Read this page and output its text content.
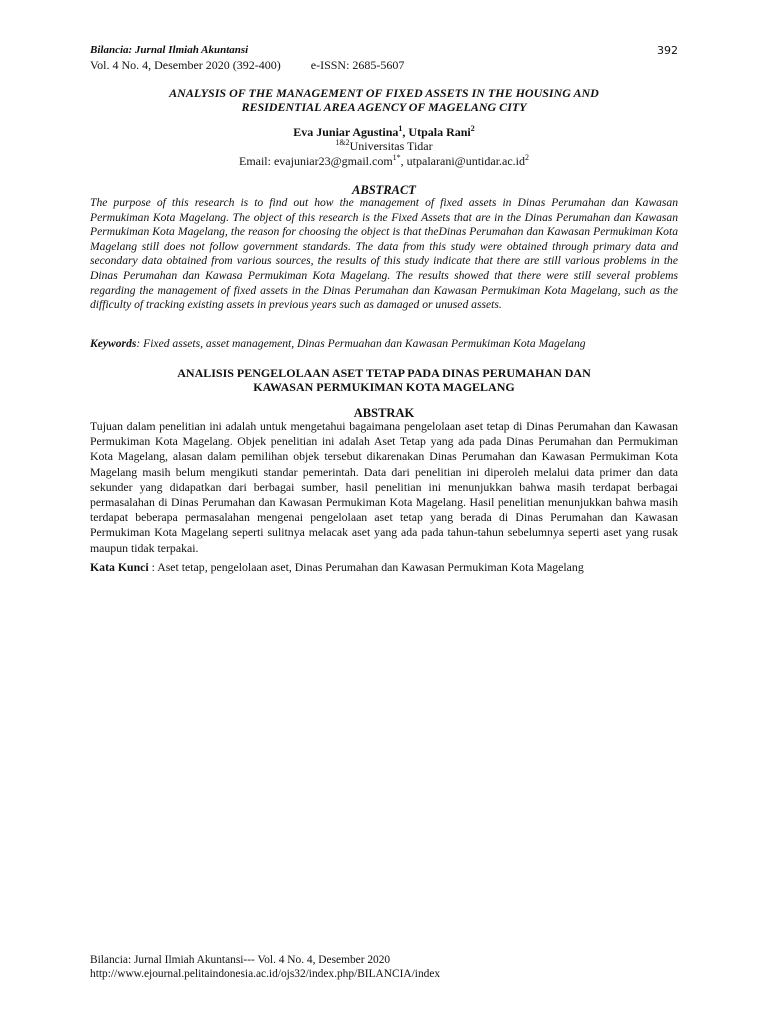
Bilancia: Jurnal Ilmiah Akuntansi	392
Vol. 4 No. 4, Desember 2020 (392-400)	e-ISSN: 2685-5607
ANALYSIS OF THE MANAGEMENT OF FIXED ASSETS IN THE HOUSING AND
RESIDENTIAL AREA AGENCY OF MAGELANG CITY
Eva Juniar Agustina$^1$, Utpala Rani$^2$
$^{1\&2}$Universitas Tidar
Email: evajuniar23@gmail.com$^{1*}$, $utpalarani@untidar.ac.id^2$
ABSTRACT

The purpose of this research is to find out how the management of fixed assets in Dinas Perumahan dan Kawasan Permukiman Kota Magelang. The object of this research is the Fixed Assets that are in the Dinas Perumahan dan Kawasan Permukiman Kota Magelang, the reason for choosing the object is that theDinas Perumahan dan Kawasan Permukiman Kota Magelang still does not follow government standards. The data from this study were obtained through primary data and secondary data obtained from various sources, the results of this study indicate that there are still various problems in the Dinas Perumahan dan Kawasa Permukiman Kota Magelang. The results showed that there were still several problems regarding the management of fixed assets in the Dinas Perumahan dan Kawasan Permukiman Kota Magelang, such as the difficulty of tracking existing assets in previous years such as damaged or unused assets.

Keywords: Fixed assets, asset management, Dinas Permuahan dan Kawasan Permukiman Kota Magelang
ANALISIS PENGELOLAAN ASET TETAP PADA DINAS PERUMAHAN DAN
KAWASAN PERMUKIMAN KOTA MAGELANG
ABSTRAK

Tujuan dalam penelitian ini adalah untuk mengetahui bagaimana pengelolaan aset tetap di Dinas Perumahan dan Kawasan Permukiman Kota Magelang. Objek penelitian ini adalah Aset Tetap yang ada pada Dinas Perumahan dan Permukiman Kota Magelang, alasan dalam pemilihan objek tersebut dikarenakan Dinas Perumahan dan Kawasan Permukiman Kota Magelang masih belum mengikuti standar pemerintah. Data dari penelitian ini diperoleh melalui data primer dan data sekunder yang didapatkan dari berbagai sumber, hasil penelitian ini menunjukkan bahwa masih terdapat berbagai permasalahan di Dinas Perumahan dan Kawasan Permukiman Kota Magelang. Hasil penelitian menunjukkan bahwa masih terdapat beberapa permasalahan mengenai pengelolaan aset tetap yang berada di Dinas Perumahan dan Kawasan Permukiman Kota Magelang seperti sulitnya melacak aset yang ada pada tahun-tahun sebelumnya seperti aset yang rusak maupun tidak terpakai.

Kata Kunci : Aset tetap, pengelolaan aset, Dinas Perumahan dan Kawasan Permukiman Kota Magelang
Bilancia: Jurnal Ilmiah Akuntansi--- Vol. 4 No. 4, Desember 2020
http://www.ejournal.pelitaindonesia.ac.id/ojs32/index.php/BILANCIA/index
